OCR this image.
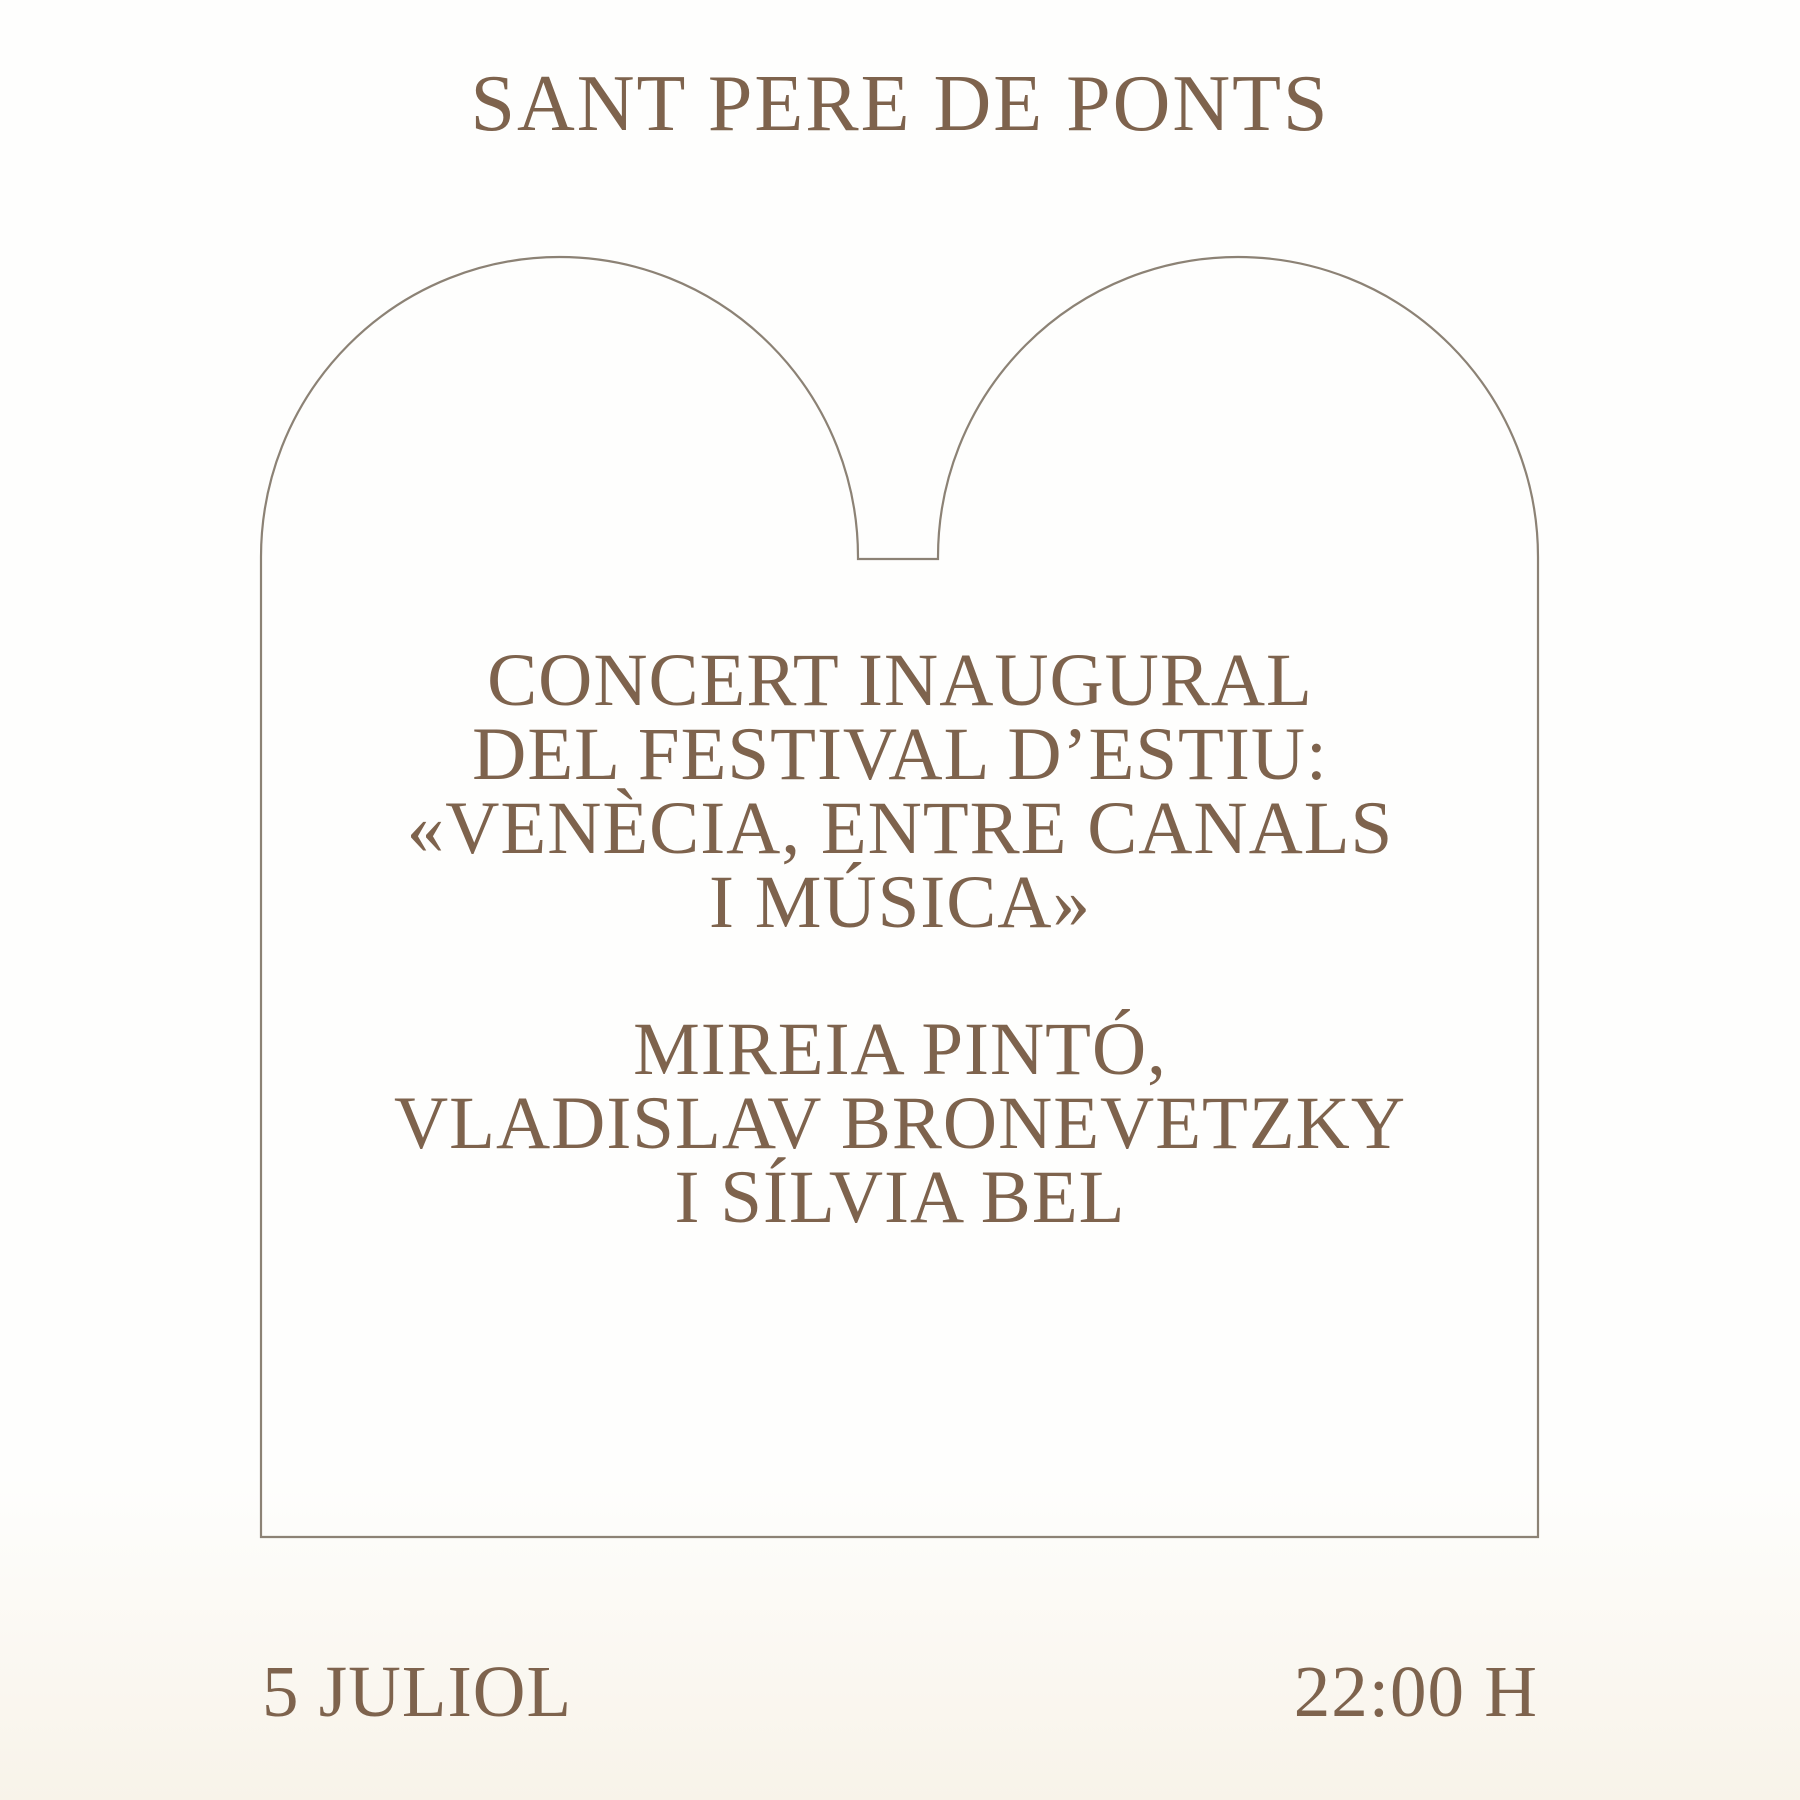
SANT PERE DE PONTS
CONCERT INAUGURAL
DEL FESTIVAL D’ESTIU:
«VENÈCIA, ENTRE CANALS
I MÚSICA»
MIREIA PINTÓ,
VLADISLAV BRONEVETZKY
I SÍLVIA BEL
5 JULIOL	22:00 H
